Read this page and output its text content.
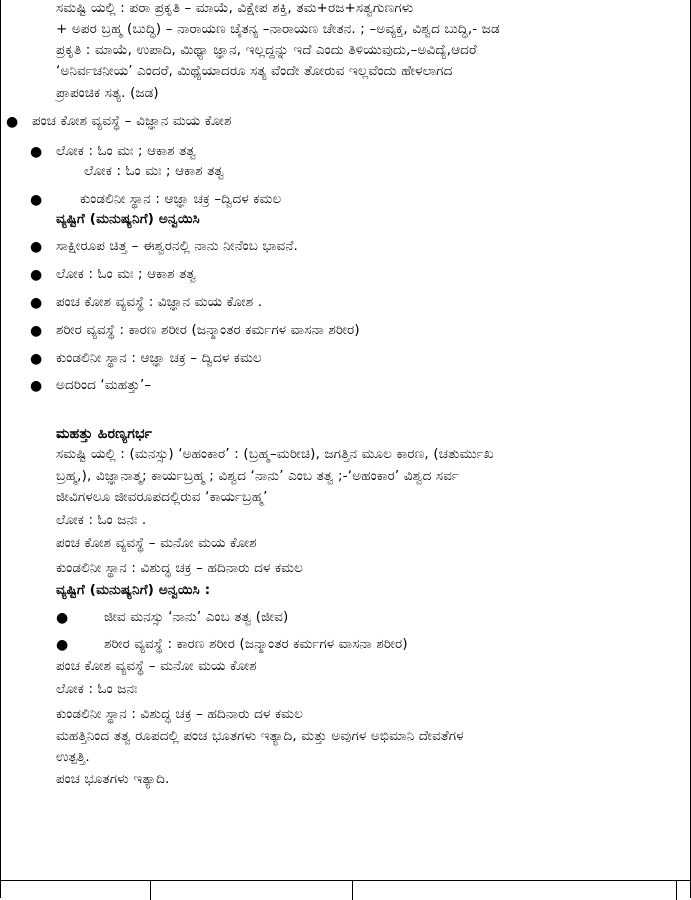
ಸಮಷ್ಟಿ ಯಲ್ಲಿ : ಪರಾ ಪ್ರಕೃತಿ – ಮಾಯೆ, ವಿಕ್ಷೇಪ ಶಕ್ತಿ, ತಮ+ರಜ+ಸತ್ವಗುಣಗಳು
+ ಅಪರ ಬ್ರಹ್ಮ (ಬುದ್ಧಿ) – ನಾರಾಯಣ ಚೈತನ್ಯ –ನಾರಾಯಣ ಚೇತನ. ; –ಅವ್ಯಕ್ತ, ವಿಶ್ವದ ಬುದ್ಧಿ,- ಜಡ
ಪ್ರಕೃತಿ : ಮಾಯೆ, ಉಪಾದಿ, ಮಿಥ್ಯಾ ಜ್ಞಾನ, ಇಲ್ಲದ್ದನ್ನು ಇದೆ ಎಂದು ತಿಳಿಯುವುದು,–ಅವಿದ್ಯೆ,ಆದರೆ
‘ಅನಿರ್ವಚನೀಯ’ ಎಂದರೆ, ಮಿಥ್ಯೆಯಾದರೂ ಸತ್ಯ ವೆಂದೇ ತೋರುವ ಇಲ್ಲವೆಂದು ಹೇಳಲಾಗದ
ಪ್ರಾಪಂಚಿಕ ಸತ್ಯ. (ಜಡ)
● ಪಂಚ ಕೋಶ ವ್ಯವಸ್ಥೆ – ವಿಜ್ಞಾನ ಮಯ ಕೋಶ
● ಲೋಕ : ಓಂ ಮಃ ; ಆಕಾಶ ತತ್ವ
ಲೋಕ : ಓಂ ಮಃ ; ಆಕಾಶ ತತ್ವ
●	ಕುಂಡಲಿನೀ ಸ್ಥಾನ : ಆಜ್ಞಾ ಚಕ್ರ –ದ್ವಿದಳ ಕಮಲ
ವ್ಯಷ್ಟಿಗೆ (ಮನುಷ್ಯನಿಗೆ) ಅನ್ವಯಿಸಿ
● ಸಾಕ್ಷೀರೂಪ ಚಿತ್ತ – ಈಶ್ವರನಲ್ಲಿ ನಾನು ನೀನೆಂಬ ಭಾವನೆ.
● ಲೋಕ : ಓಂ ಮಃ ; ಆಕಾಶ ತತ್ವ
● ಪಂಚ ಕೋಶ ವ್ಯವಸ್ಥೆ : ವಿಜ್ಞಾನ ಮಯ ಕೋಶ .
● ಶರೀರ ವ್ಯವಸ್ಥೆ : ಕಾರಣ ಶರೀರ (ಜನ್ಮಾಂತರ ಕರ್ಮಗಳ ವಾಸನಾ ಶರೀರ)
● ಕುಂಡಲಿನೀ ಸ್ಥಾನ : ಆಜ್ಞಾ ಚಕ್ರ – ದ್ವಿದಳ ಕಮಲ
● ಅದರಿಂದ ‘ಮಹತ್ತು’–
ಮಹತ್ತು ಹಿರಣ್ಯಗರ್ಭ
ಸಮಷ್ಟಿ ಯಲ್ಲಿ : (ಮನಸ್ಸು) ‘ಅಹಂಕಾರ’ : (ಬ್ರಹ್ಮ–ಮರೀಚಿ), ಜಗತ್ತಿನ ಮೂಲ ಕಾರಣ, (ಚತುರ್ಮುಖ
ಬ್ರಹ್ಮ,), ವಿಜ್ಞಾನಾತ್ಮ; ಕಾರ್ಯಬ್ರಹ್ಮ ; ವಿಶ್ವದ ‘ನಾನು’ ಎಂಬ ತತ್ವ ;-‘ಅಹಂಕಾರ’ ವಿಶ್ವದ ಸರ್ವ
ಜೀವಿಗಳಲೂ ಜೀವರೂಪದಲ್ಲಿರುವ ‘ಕಾರ್ಯಬ್ರಹ್ಮ’
ಲೋಕ : ಓಂ ಜನಃ .
ಪಂಚ ಕೋಶ ವ್ಯವಸ್ಥೆ – ಮನೋ ಮಯ ಕೋಶ
ಕುಂಡಲಿನೀ ಸ್ಥಾನ : ವಿಶುದ್ಧ ಚಕ್ರ – ಹದಿನಾರು ದಳ ಕಮಲ
ವ್ಯಷ್ಟಿಗೆ (ಮನುಷ್ಯನಿಗೆ) ಅನ್ವಯಿಸಿ :
●	ಜೀವ ಮನಸ್ಸು ‘ನಾನು’ ಎಂಬ ತತ್ವ (ಜೀವ)
●	ಶರೀರ ವ್ಯವಸ್ಥೆ : ಕಾರಣ ಶರೀರ (ಜನ್ಮಾಂತರ ಕರ್ಮಗಳ ವಾಸನಾ ಶರೀರ)
ಪಂಚ ಕೋಶ ವ್ಯವಸ್ಥೆ – ಮನೋ ಮಯ ಕೋಶ
ಲೋಕ : ಓಂ ಜನಃ
ಕುಂಡಲಿನೀ ಸ್ಥಾನ : ವಿಶುದ್ಧ ಚಕ್ರ – ಹದಿನಾರು ದಳ ಕಮಲ
ಮಹತ್ತಿನಿಂದ ತತ್ವ ರೂಪದಲ್ಲಿ ಪಂಚ ಭೂತಗಳು ಇತ್ಯಾದಿ, ಮತ್ತು ಅವುಗಳ ಅಭಿಮಾನಿ ದೇವತೆಗಳ
ಉತ್ಪತ್ತಿ.
ಪಂಚ ಭೂತಗಳು ಇತ್ಯಾದಿ.
